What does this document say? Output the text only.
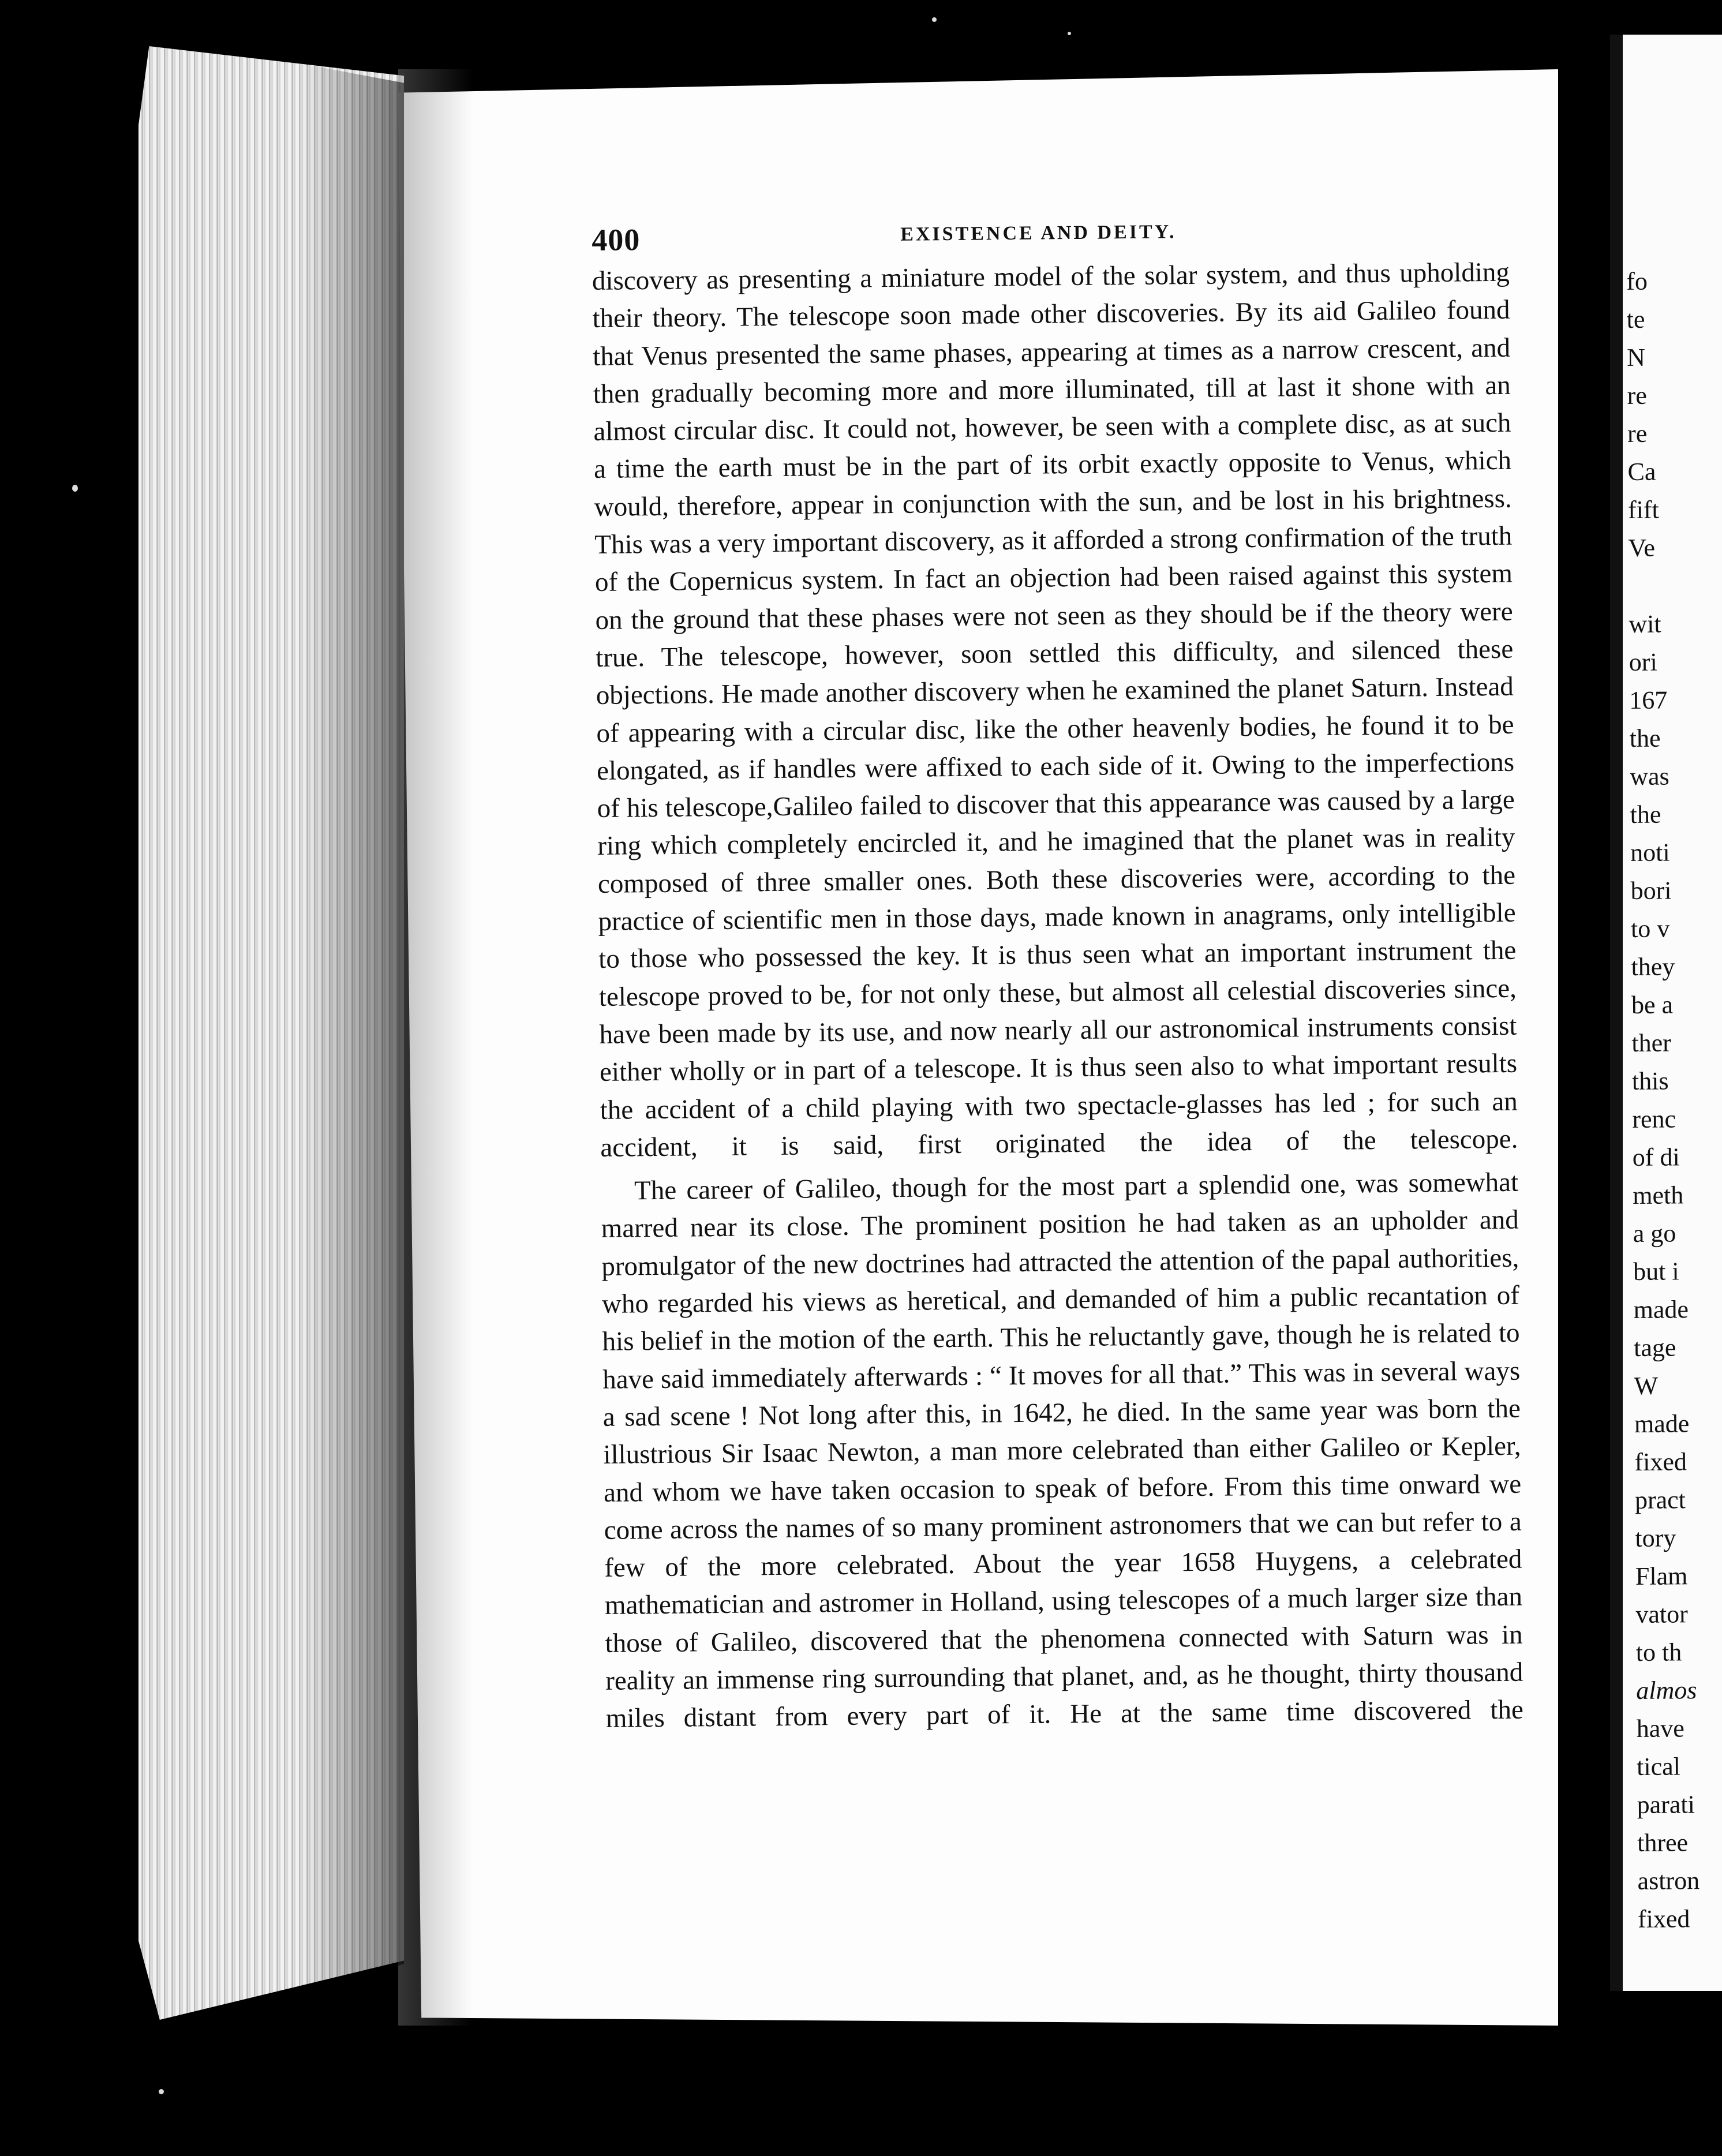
400	EXISTENCE AND DEITY.

discovery as presenting a miniature model of the solar system, and thus upholding their theory. The telescope soon made other discoveries. By its aid Galileo found that Venus presented the same phases, appearing at times as a narrow crescent, and then gradually becoming more and more illuminated, till at last it shone with an almost circular disc. It could not, however, be seen with a complete disc, as at such a time the earth must be in the part of its orbit exactly opposite to Venus, which would, therefore, appear in conjunction with the sun, and be lost in his brightness. This was a very important discovery, as it afforded a strong confirmation of the truth of the Copernicus system. In fact an objection had been raised against this system on the ground that these phases were not seen as they should be if the theory were true. The telescope, however, soon settled this difficulty, and silenced these objections. He made another discovery when he examined the planet Saturn. Instead of appearing with a circular disc, like the other heavenly bodies, he found it to be elongated, as if handles were affixed to each side of it. Owing to the imperfections of his telescope,Galileo failed to discover that this appearance was caused by a large ring which completely encircled it, and he imagined that the planet was in reality composed of three smaller ones. Both these discoveries were, according to the practice of scientific men in those days, made known in anagrams, only intelligible to those who possessed the key. It is thus seen what an important instrument the telescope proved to be, for not only these, but almost all celestial discoveries since, have been made by its use, and now nearly all our astronomical instruments consist either wholly or in part of a telescope. It is thus seen also to what important results the accident of a child playing with two spectacle-glasses has led ; for such an accident, it is said, first originated the idea of the telescope.

The career of Galileo, though for the most part a splendid one, was somewhat marred near its close. The prominent position he had taken as an upholder and promulgator of the new doctrines had attracted the attention of the papal authorities, who regarded his views as heretical, and demanded of him a public recantation of his belief in the motion of the earth. This he reluctantly gave, though he is related to have said immediately afterwards : “ It moves for all that.” This was in several ways a sad scene ! Not long after this, in 1642, he died. In the same year was born the illustrious Sir Isaac Newton, a man more celebrated than either Galileo or Kepler, and whom we have taken occasion to speak of before. From this time onward we come across the names of so many prominent astronomers that we can but refer to a few of the more celebrated. About the year 1658 Huygens, a celebrated mathematician and astromer in Holland, using telescopes of a much larger size than those of Galileo, discovered that the phenomena connected with Saturn was in reality an immense ring surrounding that planet, and, as he thought, thirty thousand miles distant from every part of it. He at the same time discovered the

fo
te
N
re
re
Ca
fift
Ve

wit
ori
167
the
was
the
noti
bori
to v
they
be a
ther
this
renc
of di
meth
a go
but i
made
tage
W
made
fixed
pract
tory
Flam
vator
to th
almos
have
tical
parati
three
astron
fixed
